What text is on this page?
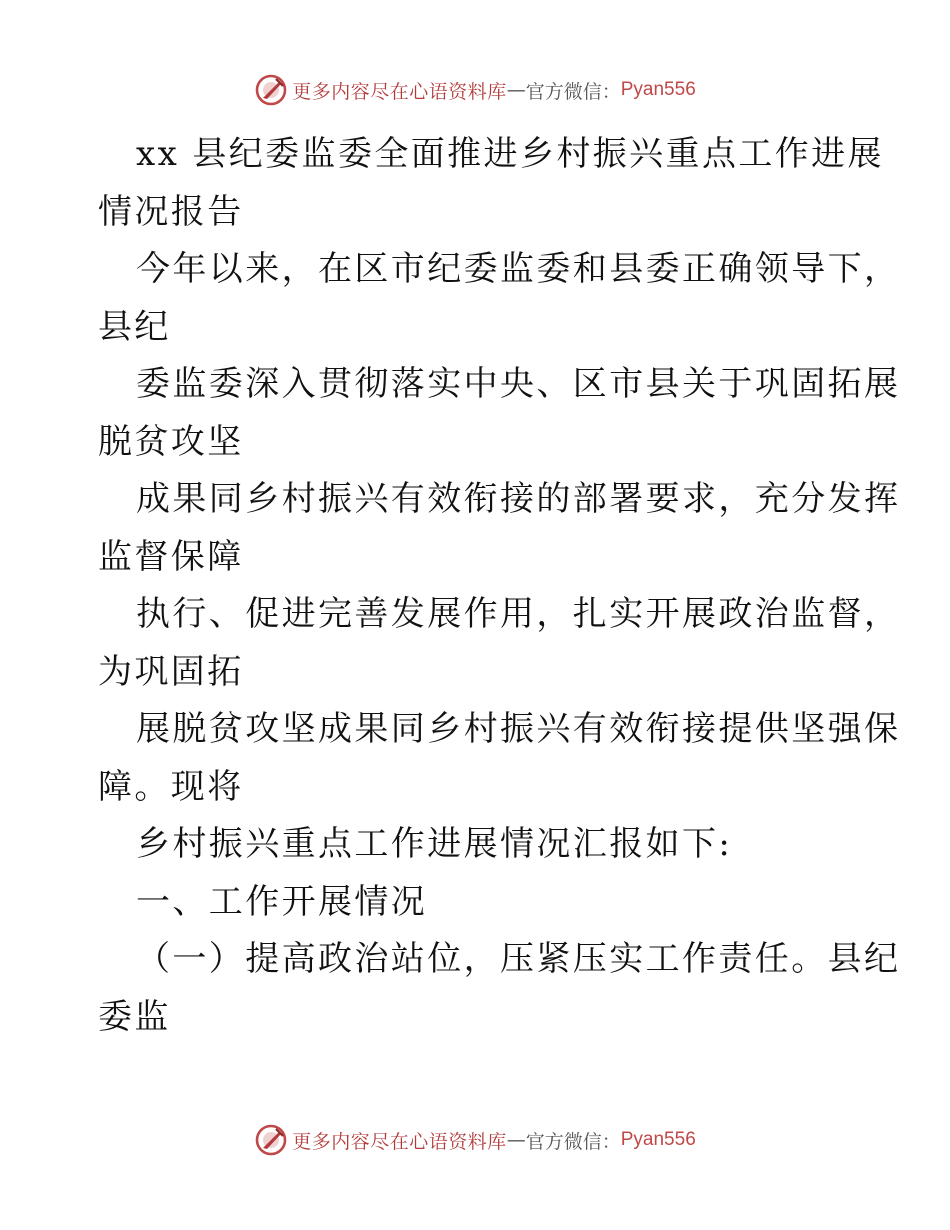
更多内容尽在心语资料库 — 官方微信： Pyan556

xx 县纪委监委全面推进乡村振兴重点工作进展
情况报告
今年以来，在区市纪委监委和县委正确领导下，
县纪
委监委深入贯彻落实中央、区市县关于巩固拓展
脱贫攻坚
成果同乡村振兴有效衔接的部署要求，充分发挥
监督保障
执行、促进完善发展作用，扎实开展政治监督，
为巩固拓
展脱贫攻坚成果同乡村振兴有效衔接提供坚强保
障。现将
乡村振兴重点工作进展情况汇报如下:
一、工作开展情况
（一）提高政治站位，压紧压实工作责任。县纪
委监

更多内容尽在心语资料库 — 官方微信： Pyan556
